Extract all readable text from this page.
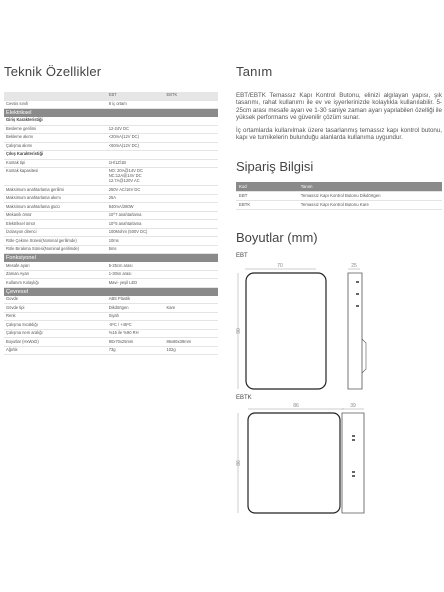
Teknik Özellikler
	EBT	EBTK
Cevsis sınıfı	8 iç ortam	
Elektriksel		
Giriş Karakteristiği		
Besleme gerilimi	12-24V DC	
Bekleme akımı	<20mA(12V DC)	
Çalışma akımı	<60mA(12V DC)	
Çıkış Karakteristiği		
Kontak tipi	1H/1Z/1B	
Kontak kapasitesi	NO: 20A@14V DC NC:12A@14V DC 12.7A@120V AC	
Maksimum anahtarlama gerilimi	250V AC/16V DC	
Maksimum anahtarlama akımı	25A	
Maksimum anahtarlama gücü	840mA/280W	
Mekanik ömür	10^7 anahtarlama	
Elektriksel ömür	10^5 anahtarlama	
İzolasyon direnci	100Mohm (500V DC)	
Röle Çekme Süresi(Nominal gerilimde)	10ms	
Röle Bırakma Süresi(Nominal gerilimde)	5ms	
Fonksiyonel		
Mesafe ayarı	5-25cm arası	
Zaman Ayarı	1-30sn arası	
Kullanım Kolaylığı	Mavi- yeşil LED	
Çevresel		
Govde	ABS Plastik	
Gövde tipi	Dikdörtgen	Kare
Renk	Siyah	
Çalışma Sıcaklığı	-5ºC / +45ºC	
Çalışma nem aralığı	%15 ile %90 RH	
Boyutlar (HxWxD)	90x70x25mm	86x86x39mm
Ağırlık	73g	102g
Tanım

EBT/EBTK Temassız Kapı Kontrol Butonu, elinizi algılayan yapısı, şık tasarımı, rahat kullanımı ile ev ve işyerlerinizde kolaylıkla kullanılabilir. 5-25cm arası mesafe ayarı ve 1-30 saniye zaman ayarı yapılabilen özelliği ile yüksek performans ve güvenilir çözüm sunar.

İç ortamlarda kullanılmak üzere tasarlanmış temassız kapı kontrol butonu, kapı ve turnikelerin bulunduğu alanlarda kullanıma uygundur.

Sipariş Bilgisi
Kod	Tanım
EBT	Temassız Kapı Kontrol Butonu Dikdörtgen
EBTK	Temassız Kapı Kontrol Butonu Kare
Boyutlar (mm)
EBT
70	25
90
EBTK
86	39
86
